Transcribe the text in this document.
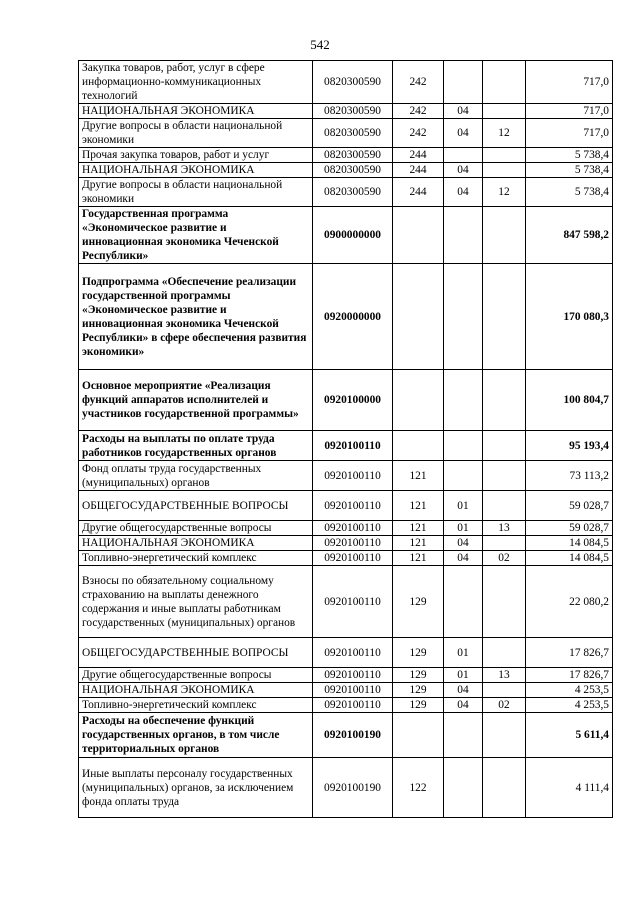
542
Закупка товаров, работ, услуг в сфере информационно-коммуникационных технологий	0820300590	242			717,0
НАЦИОНАЛЬНАЯ ЭКОНОМИКА	0820300590	242	04		717,0
Другие вопросы в области национальной экономики	0820300590	242	04	12	717,0
Прочая закупка товаров, работ и услуг	0820300590	244			5 738,4
НАЦИОНАЛЬНАЯ ЭКОНОМИКА	0820300590	244	04		5 738,4
Другие вопросы в области национальной экономики	0820300590	244	04	12	5 738,4
Государственная программа «Экономическое развитие и инновационная экономика Чеченской Республики»	0900000000				847 598,2
Подпрограмма «Обеспечение реализации государственной программы «Экономическое развитие и инновационная экономика Чеченской Республики» в сфере обеспечения развития экономики»	0920000000				170 080,3
Основное мероприятие «Реализация функций аппаратов исполнителей и участников государственной программы»	0920100000				100 804,7
Расходы на выплаты по оплате труда работников государственных органов	0920100110				95 193,4
Фонд оплаты труда государственных (муниципальных) органов	0920100110	121			73 113,2
ОБЩЕГОСУДАРСТВЕННЫЕ ВОПРОСЫ	0920100110	121	01		59 028,7
Другие общегосударственные вопросы	0920100110	121	01	13	59 028,7
НАЦИОНАЛЬНАЯ ЭКОНОМИКА	0920100110	121	04		14 084,5
Топливно-энергетический комплекс	0920100110	121	04	02	14 084,5
Взносы по обязательному социальному страхованию на выплаты денежного содержания и иные выплаты работникам государственных (муниципальных) органов	0920100110	129			22 080,2
ОБЩЕГОСУДАРСТВЕННЫЕ ВОПРОСЫ	0920100110	129	01		17 826,7
Другие общегосударственные вопросы	0920100110	129	01	13	17 826,7
НАЦИОНАЛЬНАЯ ЭКОНОМИКА	0920100110	129	04		4 253,5
Топливно-энергетический комплекс	0920100110	129	04	02	4 253,5
Расходы на обеспечение функций государственных органов, в том числе территориальных органов	0920100190				5 611,4
Иные выплаты персоналу государственных (муниципальных) органов, за исключением фонда оплаты труда	0920100190	122			4 111,4
